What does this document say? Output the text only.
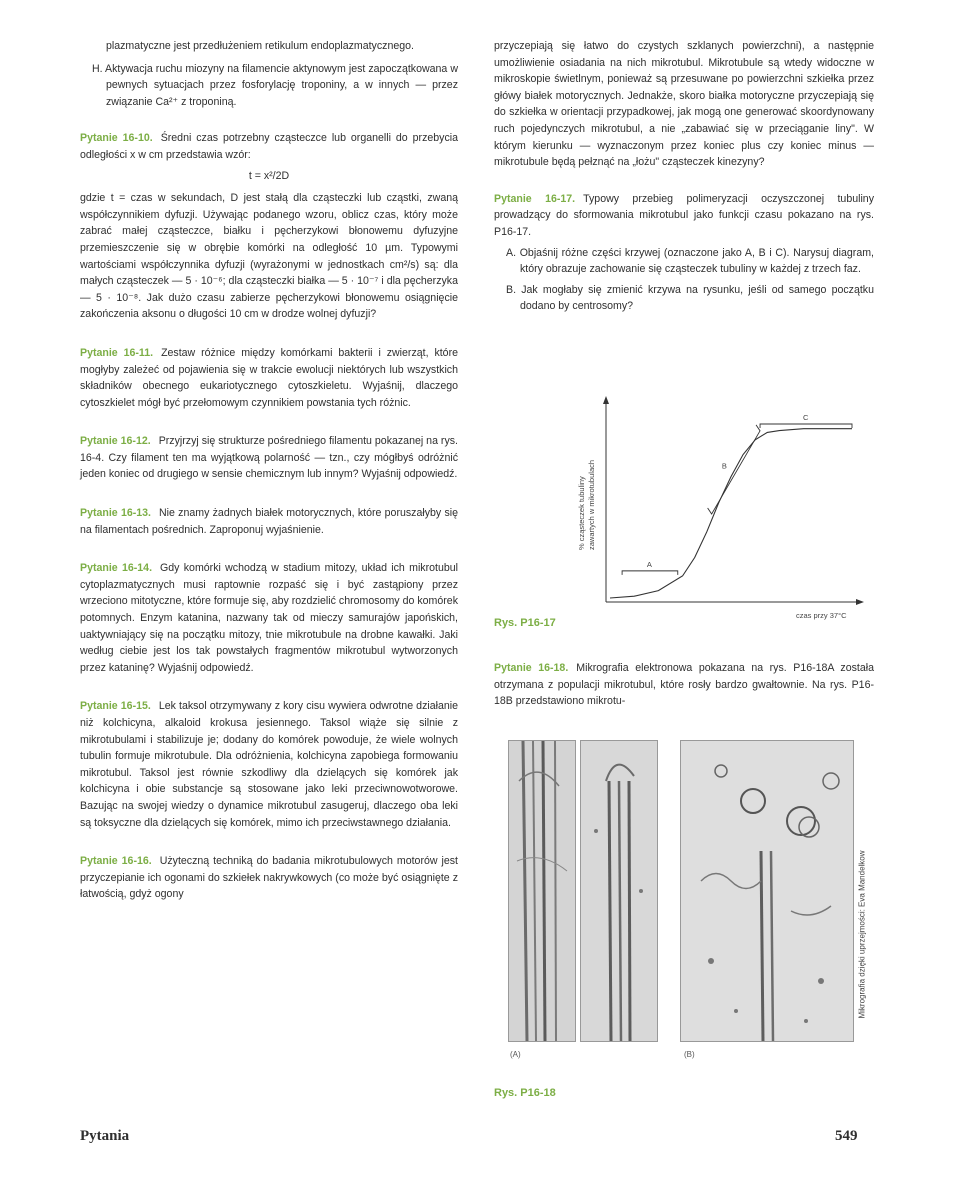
plazmatyczne jest przedłużeniem retikulum endoplazmatycznego.

H. Aktywacja ruchu miozyny na filamencie aktynowym jest zapoczątkowana w pewnych sytuacjach przez fosforylację troponiny, a w innych — przez związanie Ca²⁺ z troponiną.

Pytanie 16-10. Średni czas potrzebny cząsteczce lub organelli do przebycia odległości x w cm przedstawia wzór:

t = x²/2D

gdzie t = czas w sekundach, D jest stałą dla cząsteczki lub cząstki, zwaną współczynnikiem dyfuzji. Używając podanego wzoru, oblicz czas, który może zabrać małej cząsteczce, białku i pęcherzykowi błonowemu dyfuzyjne przemieszczenie się w obrębie komórki na odległość 10 µm. Typowymi wartościami współczynnika dyfuzji (wyrażonymi w jednostkach cm²/s) są: dla małych cząsteczek — 5 · 10⁻⁶; dla cząsteczki białka — 5 · 10⁻⁷ i dla pęcherzyka — 5 · 10⁻⁸. Jak dużo czasu zabierze pęcherzykowi błonowemu osiągnięcie zakończenia aksonu o długości 10 cm w drodze wolnej dyfuzji?

Pytanie 16-11. Zestaw różnice między komórkami bakterii i zwierząt, które mogłyby zależeć od pojawienia się w trakcie ewolucji niektórych lub wszystkich składników obecnego eukariotycznego cytoszkieletu. Wyjaśnij, dlaczego cytoszkielet mógł być przełomowym czynnikiem powstania tych różnic.

Pytanie 16-12. Przyjrzyj się strukturze pośredniego filamentu pokazanej na rys. 16-4. Czy filament ten ma wyjątkową polarność — tzn., czy mógłbyś odróżnić jeden koniec od drugiego w sensie chemicznym lub innym? Wyjaśnij odpowiedź.

Pytanie 16-13. Nie znamy żadnych białek motorycznych, które poruszałyby się na filamentach pośrednich. Zaproponuj wyjaśnienie.

Pytanie 16-14. Gdy komórki wchodzą w stadium mitozy, układ ich mikrotubul cytoplazmatycznych musi raptownie rozpaść się i być zastąpiony przez wrzeciono mitotyczne, które formuje się, aby rozdzielić chromosomy do komórek potomnych. Enzym katanina, nazwany tak od mieczy samurajów japońskich, uaktywniający się na początku mitozy, tnie mikrotubule na drobne kawałki. Jaki według ciebie jest los tak powstałych fragmentów mikrotubul wytworzonych przez kataninę? Wyjaśnij odpowiedź.

Pytanie 16-15. Lek taksol otrzymywany z kory cisu wywiera odwrotne działanie niż kolchicyna, alkaloid krokusa jesiennego. Taksol wiąże się silnie z mikrotubulami i stabilizuje je; dodany do komórek powoduje, że wiele wolnych tubulin formuje mikrotubule. Dla odróżnienia, kolchicyna zapobiega formowaniu mikrotubul. Taksol jest równie szkodliwy dla dzielących się komórek jak kolchicyna i obie substancje są stosowane jako leki przeciwnowotworowe. Bazując na swojej wiedzy o dynamice mikrotubul zasugeruj, dlaczego oba leki są toksyczne dla dzielących się komórek, mimo ich przeciwstawnego działania.

Pytanie 16-16. Użyteczną techniką do badania mikrotubulowych motorów jest przyczepianie ich ogonami do szkiełek nakrywkowych (co może być osiągnięte z łatwością, gdyż ogony

przyczepiają się łatwo do czystych szklanych powierzchni), a następnie umożliwienie osiadania na nich mikrotubul. Mikrotubule są wtedy widoczne w mikroskopie świetlnym, ponieważ są przesuwane po powierzchni szkiełka przez główy białek motorycznych. Jednakże, skoro białka motoryczne przyczepiają się do szkiełka w orientacji przypadkowej, jak mogą one generować skoordynowany ruch pojedynczych mikrotubul, a nie „zabawiać się w przeciąganie liny". W którym kierunku — wyznaczonym przez koniec plus czy koniec minus — mikrotubule będą pełznąć na „łożu" cząsteczek kinezyny?

Pytanie 16-17. Typowy przebieg polimeryzacji oczyszczonej tubuliny prowadzący do sformowania mikrotubul jako funkcji czasu pokazano na rys. P16-17.

A. Objaśnij różne części krzywej (oznaczone jako A, B i C). Narysuj diagram, który obrazuje zachowanie się cząsteczek tubuliny w każdej z trzech faz.

B. Jak mogłaby się zmienić krzywa na rysunku, jeśli od samego początku dodano by centrosomy?

A
B
C
czas przy 37°C
% cząsteczek tubuliny zawartych w mikrotubulach
Rys. P16-17

Pytanie 16-18. Mikrografia elektronowa pokazana na rys. P16-18A została otrzymana z populacji mikrotubul, które rosły bardzo gwałtownie. Na rys. P16-18B przedstawiono mikrotu-

(A)	(B)
Mikrografia dzięki uprzejmości: Eva Mandelkow
Rys. P16-18
Pytania	549
